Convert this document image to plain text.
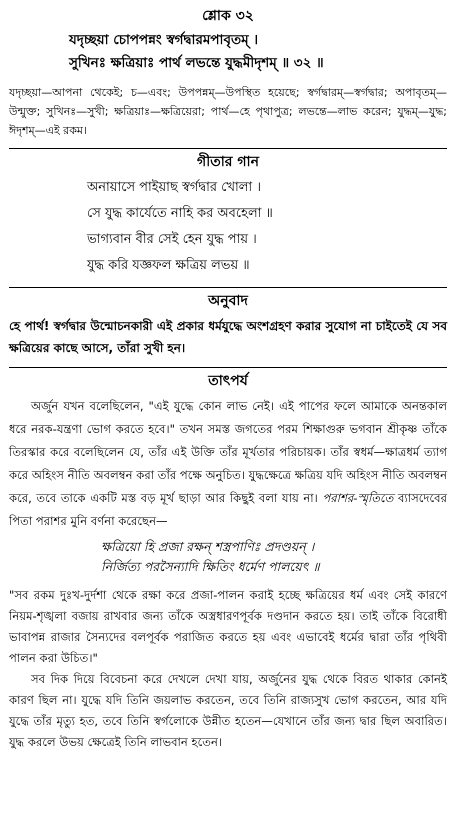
শ্লোক ৩২
যদৃচ্ছয়া চোপপন্নং স্বর্গদ্বারমপাবৃতম্ ।
সুখিনঃ ক্ষত্রিয়াঃ পার্থ লভন্তে যুদ্ধমীদৃশম্ ॥ ৩২ ॥
যদৃচ্ছয়া—আপনা থেকেই; চ—এবং; উপপন্নম্—উপস্থিত হয়েছে; স্বর্গদ্বারম্—স্বর্গদ্বার; অপাবৃতম্—উন্মুক্ত; সুখিনঃ—সুখী; ক্ষত্রিয়াঃ—ক্ষত্রিয়েরা; পার্থ—হে পৃথাপুত্র; লভন্তে—লাভ করেন; যুদ্ধম্—যুদ্ধ; ঈদৃশম্—এই রকম।
গীতার গান
অনায়াসে পাইয়াছ স্বর্গদ্বার খোলা ।
সে যুদ্ধ কার্যেতে নাহি কর অবহেলা ॥
ভাগ্যবান বীর সেই হেন যুদ্ধ পায় ।
যুদ্ধ করি যজ্ঞফল ক্ষত্রিয় লভয় ॥
অনুবাদ
হে পার্থ! স্বর্গদ্বার উন্মোচনকারী এই প্রকার ধর্মযুদ্ধে অংশগ্রহণ করার সুযোগ না চাইতেই যে সব ক্ষত্রিয়ের কাছে আসে, তাঁরা সুখী হন।
তাৎপর্য
অর্জুন যখন বলেছিলেন, "এই যুদ্ধে কোন লাভ নেই। এই পাপের ফলে আমাকে অনন্তকাল ধরে নরক-যন্ত্রণা ভোগ করতে হবে।" তখন সমস্ত জগতের পরম শিক্ষাগুরু ভগবান শ্রীকৃষ্ণ তাঁকে তিরস্কার করে বলেছিলেন যে, তাঁর এই উক্তি তাঁর মূর্খতার পরিচায়ক। তাঁর স্বধর্ম—ক্ষাত্রধর্ম ত্যাগ করে অহিংস নীতি অবলম্বন করা তাঁর পক্ষে অনুচিত। যুদ্ধক্ষেত্রে ক্ষত্রিয় যদি অহিংস নীতি অবলম্বন করে, তবে তাকে একটি মস্ত বড় মূর্খ ছাড়া আর কিছুই বলা যায় না। পরাশর-স্মৃতিতে ব্যাসদেবের পিতা পরাশর মুনি বর্ণনা করেছেন—
ক্ষত্রিয়ো হি প্রজা রক্ষন্ শস্ত্রপাণিঃ প্রদণ্ডয়ন্ ।
নির্জিত্য পরসৈন্যাদি ক্ষিতিং ধর্মেণ পালয়েৎ ॥
"সব রকম দুঃখ-দুর্দশা থেকে রক্ষা করে প্রজা-পালন করাই হচ্ছে ক্ষত্রিয়ের ধর্ম এবং সেই কারণে নিয়ম-শৃঙ্খলা বজায় রাখবার জন্য তাঁকে অস্ত্রধারণপূর্বক দণ্ডদান করতে হয়। তাই তাঁকে বিরোধী ভাবাপন্ন রাজার সৈন্যদের বলপূর্বক পরাজিত করতে হয় এবং এভাবেই ধর্মের দ্বারা তাঁর পৃথিবী পালন করা উচিত।"
সব দিক দিয়ে বিবেচনা করে দেখলে দেখা যায়, অর্জুনের যুদ্ধ থেকে বিরত থাকার কোনই কারণ ছিল না। যুদ্ধে যদি তিনি জয়লাভ করতেন, তবে তিনি রাজ্যসুখ ভোগ করতেন, আর যদি যুদ্ধে তাঁর মৃত্যু হত, তবে তিনি স্বর্গলোকে উন্নীত হতেন—যেখানে তাঁর জন্য দ্বার ছিল অবারিত। যুদ্ধ করলে উভয় ক্ষেত্রেই তিনি লাভবান হতেন।
